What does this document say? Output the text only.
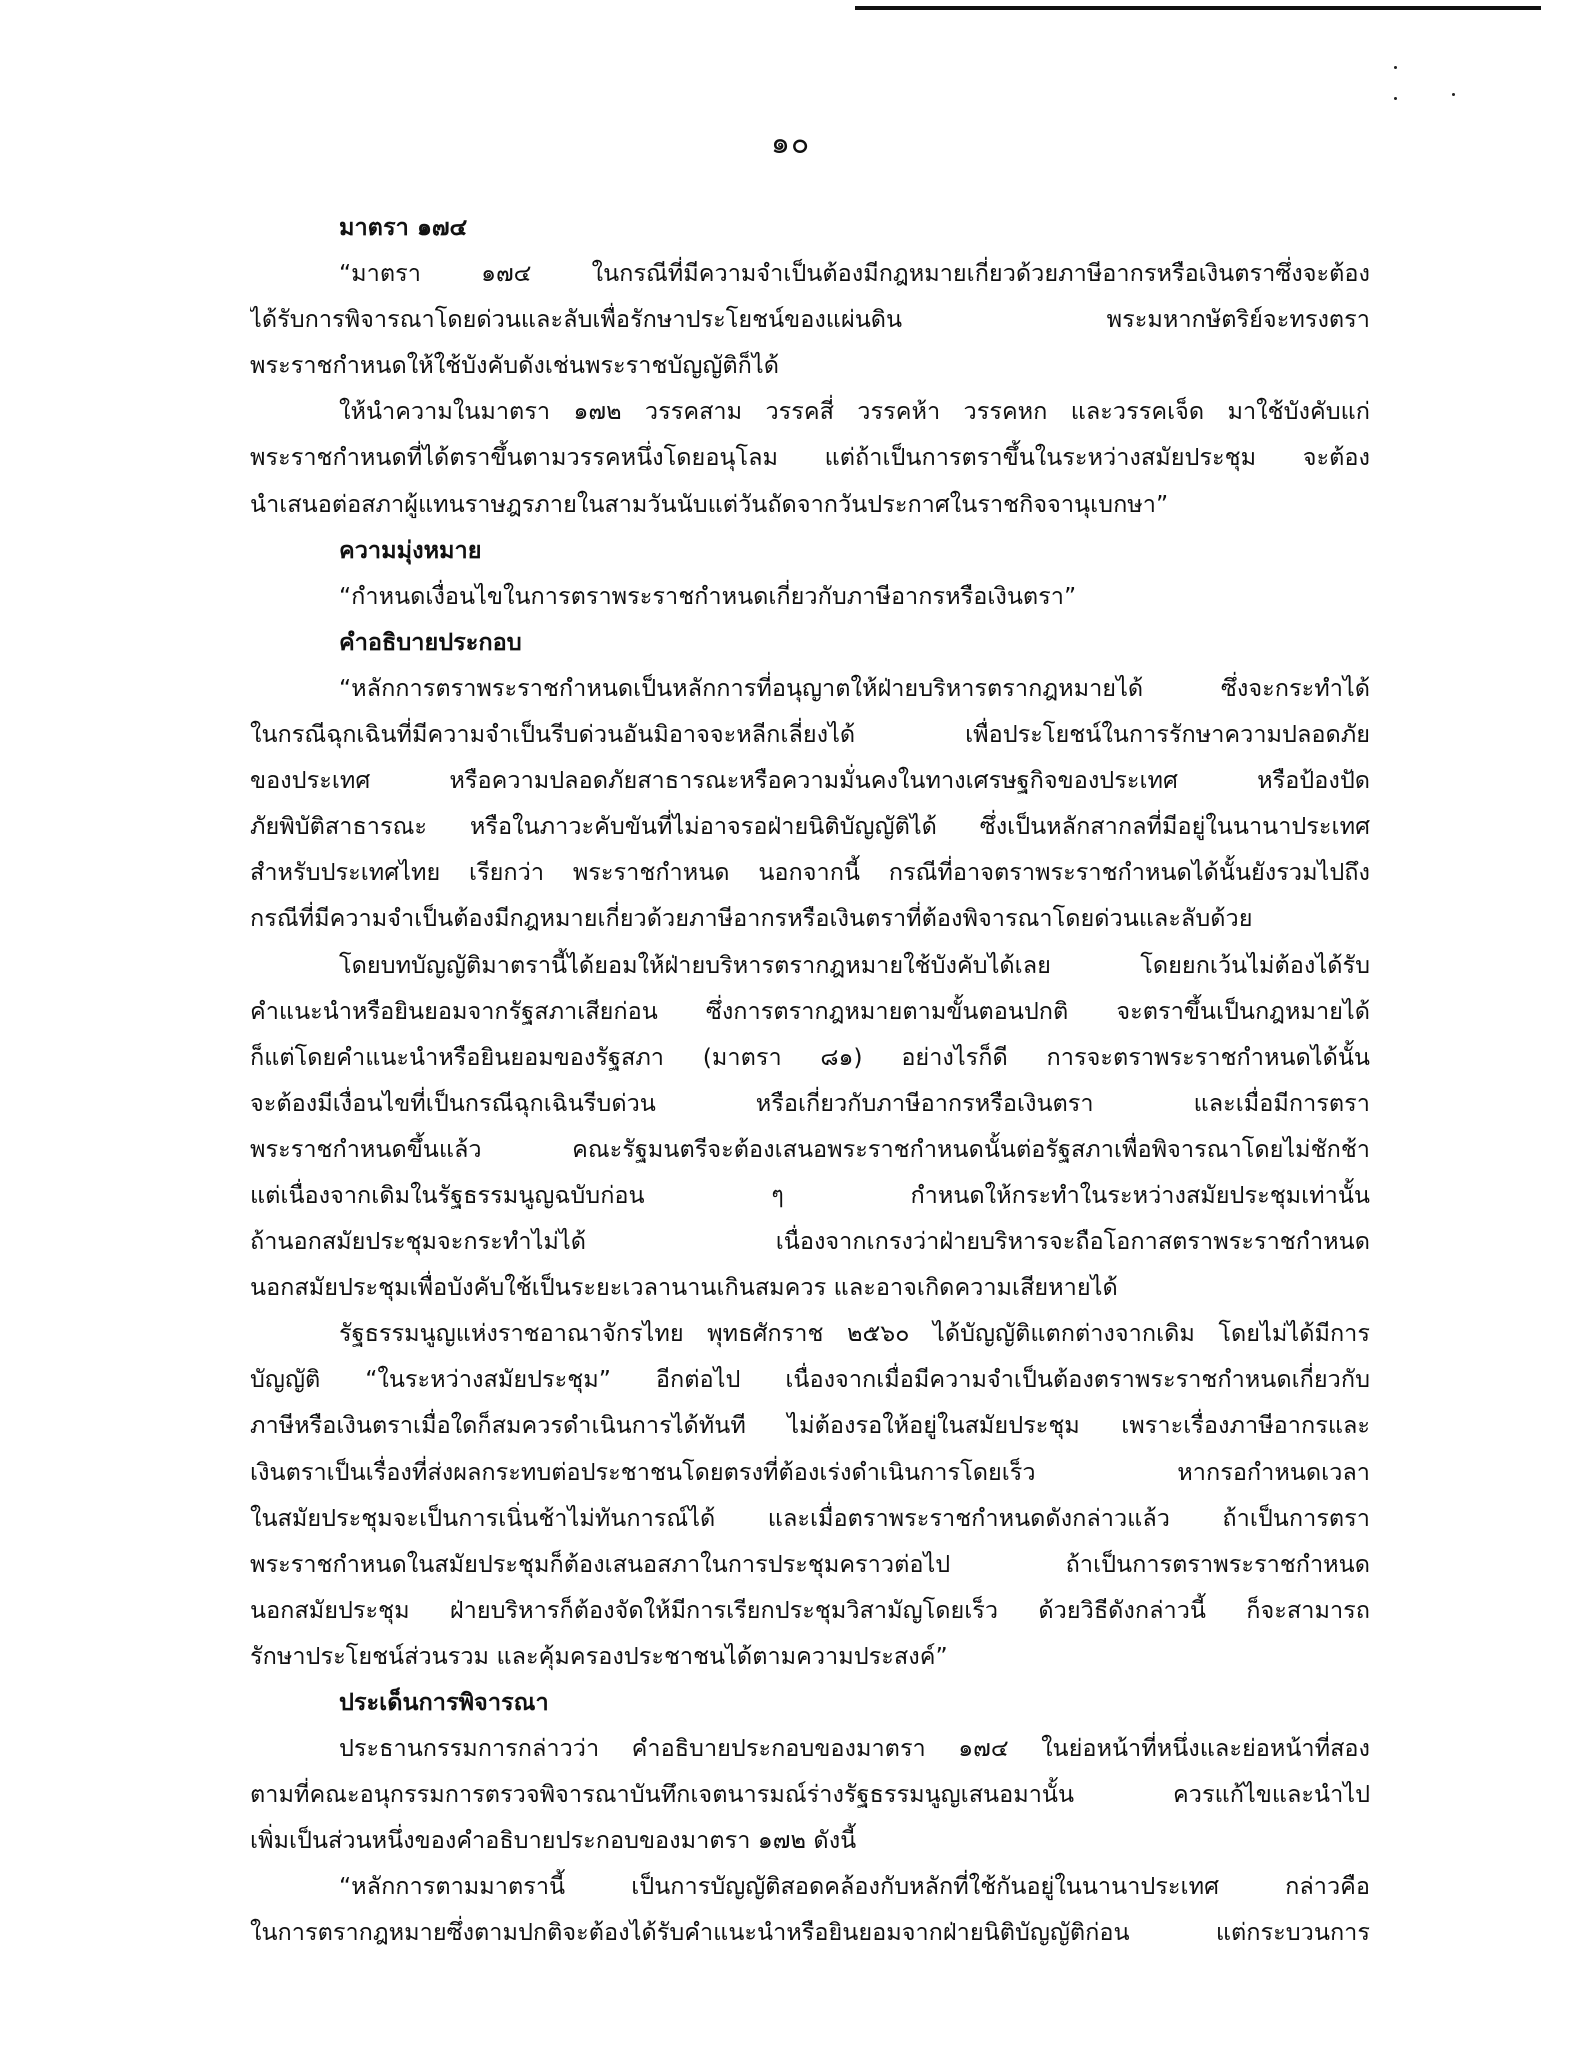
๑๐
มาตรา ๑๗๔
“มาตรา ๑๗๔ ในกรณีที่มีความจำเป็นต้องมีกฎหมายเกี่ยวด้วยภาษีอากรหรือเงินตราซึ่งจะต้อง
ได้รับการพิจารณาโดยด่วนและลับเพื่อรักษาประโยชน์ของแผ่นดิน พระมหากษัตริย์จะทรงตรา
พระราชกำหนดให้ใช้บังคับดังเช่นพระราชบัญญัติก็ได้
ให้นำความในมาตรา ๑๗๒ วรรคสาม วรรคสี่ วรรคห้า วรรคหก และวรรคเจ็ด มาใช้บังคับแก่
พระราชกำหนดที่ได้ตราขึ้นตามวรรคหนึ่งโดยอนุโลม แต่ถ้าเป็นการตราขึ้นในระหว่างสมัยประชุม จะต้อง
นำเสนอต่อสภาผู้แทนราษฎรภายในสามวันนับแต่วันถัดจากวันประกาศในราชกิจจานุเบกษา”
ความมุ่งหมาย
“กำหนดเงื่อนไขในการตราพระราชกำหนดเกี่ยวกับภาษีอากรหรือเงินตรา”
คำอธิบายประกอบ
“หลักการตราพระราชกำหนดเป็นหลักการที่อนุญาตให้ฝ่ายบริหารตรากฎหมายได้ ซึ่งจะกระทำได้
ในกรณีฉุกเฉินที่มีความจำเป็นรีบด่วนอันมิอาจจะหลีกเลี่ยงได้ เพื่อประโยชน์ในการรักษาความปลอดภัย
ของประเทศ หรือความปลอดภัยสาธารณะหรือความมั่นคงในทางเศรษฐกิจของประเทศ หรือป้องปัด
ภัยพิบัติสาธารณะ หรือในภาวะคับขันที่ไม่อาจรอฝ่ายนิติบัญญัติได้ ซึ่งเป็นหลักสากลที่มีอยู่ในนานาประเทศ
สำหรับประเทศไทย เรียกว่า พระราชกำหนด นอกจากนี้ กรณีที่อาจตราพระราชกำหนดได้นั้นยังรวมไปถึง
กรณีที่มีความจำเป็นต้องมีกฎหมายเกี่ยวด้วยภาษีอากรหรือเงินตราที่ต้องพิจารณาโดยด่วนและลับด้วย
โดยบทบัญญัติมาตรานี้ได้ยอมให้ฝ่ายบริหารตรากฎหมายใช้บังคับได้เลย โดยยกเว้นไม่ต้องได้รับ
คำแนะนำหรือยินยอมจากรัฐสภาเสียก่อน ซึ่งการตรากฎหมายตามขั้นตอนปกติ จะตราขึ้นเป็นกฎหมายได้
ก็แต่โดยคำแนะนำหรือยินยอมของรัฐสภา (มาตรา ๘๑) อย่างไรก็ดี การจะตราพระราชกำหนดได้นั้น
จะต้องมีเงื่อนไขที่เป็นกรณีฉุกเฉินรีบด่วน หรือเกี่ยวกับภาษีอากรหรือเงินตรา และเมื่อมีการตรา
พระราชกำหนดขึ้นแล้ว คณะรัฐมนตรีจะต้องเสนอพระราชกำหนดนั้นต่อรัฐสภาเพื่อพิจารณาโดยไม่ชักช้า
แต่เนื่องจากเดิมในรัฐธรรมนูญฉบับก่อน ๆ กำหนดให้กระทำในระหว่างสมัยประชุมเท่านั้น
ถ้านอกสมัยประชุมจะกระทำไม่ได้ เนื่องจากเกรงว่าฝ่ายบริหารจะถือโอกาสตราพระราชกำหนด
นอกสมัยประชุมเพื่อบังคับใช้เป็นระยะเวลานานเกินสมควร และอาจเกิดความเสียหายได้
รัฐธรรมนูญแห่งราชอาณาจักรไทย พุทธศักราช ๒๕๖๐ ได้บัญญัติแตกต่างจากเดิม โดยไม่ได้มีการ
บัญญัติ “ในระหว่างสมัยประชุม” อีกต่อไป เนื่องจากเมื่อมีความจำเป็นต้องตราพระราชกำหนดเกี่ยวกับ
ภาษีหรือเงินตราเมื่อใดก็สมควรดำเนินการได้ทันที ไม่ต้องรอให้อยู่ในสมัยประชุม เพราะเรื่องภาษีอากรและ
เงินตราเป็นเรื่องที่ส่งผลกระทบต่อประชาชนโดยตรงที่ต้องเร่งดำเนินการโดยเร็ว หากรอกำหนดเวลา
ในสมัยประชุมจะเป็นการเนิ่นช้าไม่ทันการณ์ได้ และเมื่อตราพระราชกำหนดดังกล่าวแล้ว ถ้าเป็นการตรา
พระราชกำหนดในสมัยประชุมก็ต้องเสนอสภาในการประชุมคราวต่อไป ถ้าเป็นการตราพระราชกำหนด
นอกสมัยประชุม ฝ่ายบริหารก็ต้องจัดให้มีการเรียกประชุมวิสามัญโดยเร็ว ด้วยวิธีดังกล่าวนี้ ก็จะสามารถ
รักษาประโยชน์ส่วนรวม และคุ้มครองประชาชนได้ตามความประสงค์”
ประเด็นการพิจารณา
ประธานกรรมการกล่าวว่า คำอธิบายประกอบของมาตรา ๑๗๔ ในย่อหน้าที่หนึ่งและย่อหน้าที่สอง
ตามที่คณะอนุกรรมการตรวจพิจารณาบันทึกเจตนารมณ์ร่างรัฐธรรมนูญเสนอมานั้น ควรแก้ไขและนำไป
เพิ่มเป็นส่วนหนึ่งของคำอธิบายประกอบของมาตรา ๑๗๒ ดังนี้
“หลักการตามมาตรานี้ เป็นการบัญญัติสอดคล้องกับหลักที่ใช้กันอยู่ในนานาประเทศ กล่าวคือ
ในการตรากฎหมายซึ่งตามปกติจะต้องได้รับคำแนะนำหรือยินยอมจากฝ่ายนิติบัญญัติก่อน แต่กระบวนการ
